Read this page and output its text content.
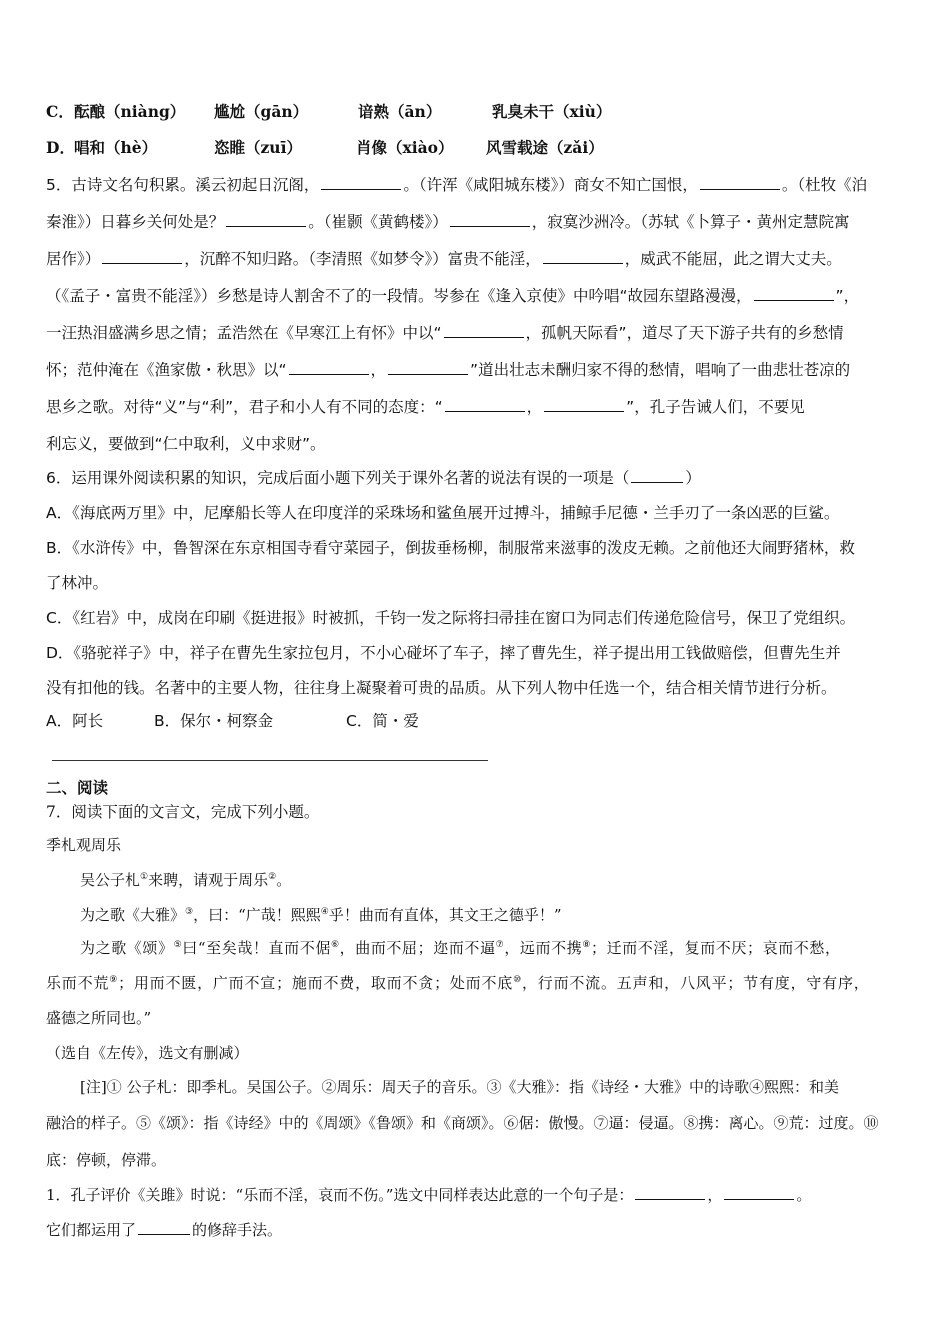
C． 酝酿（niàng） 尴尬（gān）	谙熟（ān）	乳臭未干（xiù）
D． 唱和（hè）	恣睢（zuī）	肖像（xiào） 风雪载途（zǎi）
5．古诗文名句积累。溪云初起日沉阁，	。（许浑《咸阳城东楼》）商女不知亡国恨，	。（杜牧《泊
秦淮》）日暮乡关何处是？	。（崔颢《黄鹤楼》）	，寂寞沙洲冷。（苏轼《卜算子・黄州定慧院寓
居作》）	，沉醉不知归路。（李清照《如梦令》）富贵不能淫，	，威武不能屈，此之谓大丈夫。
（《孟子・富贵不能淫》）乡愁是诗人割舍不了的一段情。岑参在《逢入京使》中吟唱“故园东望路漫漫，	”，
一汪热泪盛满乡思之情；孟浩然在《早寒江上有怀》中以“	，孤帆天际看”，道尽了天下游子共有的乡愁情
怀；范仲淹在《渔家傲・秋思》以“	，	”道出壮志未酬归家不得的愁情，唱响了一曲悲壮苍凉的
思乡之歌。对待“义”与“利”，君子和小人有不同的态度：“	，	”，孔子告诫人们，不要见
利忘义，要做到“仁中取利，义中求财”。
6．运用课外阅读积累的知识，完成后面小题下列关于课外名著的说法有误的一项是（	）
A．《海底两万里》中，尼摩船长等人在印度洋的采珠场和鲨鱼展开过搏斗，捕鲸手尼德・兰手刃了一条凶恶的巨鲨。
B．《水浒传》中，鲁智深在东京相国寺看守菜园子，倒拔垂杨柳，制服常来滋事的泼皮无赖。之前他还大闹野猪林，救
了林冲。
C．《红岩》中，成岗在印刷《挺进报》时被抓，千钧一发之际将扫帚挂在窗口为同志们传递危险信号，保卫了党组织。
D．《骆驼祥子》中，祥子在曹先生家拉包月，不小心碰坏了车子，摔了曹先生，祥子提出用工钱做赔偿，但曹先生并
没有扣他的钱。名著中的主要人物，往往身上凝聚着可贵的品质。从下列人物中任选一个，结合相关情节进行分析。
A．阿长	B．保尔・柯察金	C．简・爱
二、阅读
7．阅读下面的文言文，完成下列小题。
季札观周乐
吴公子札①来聘，请观于周乐②。
为之歌《大雅》③，曰：“广哉！熙熙④乎！曲而有直体，其文王之德乎！”
为之歌《颂》⑤曰“至矣哉！直而不倨⑥，曲而不屈；迩而不逼⑦，远而不携⑧；迁而不淫，复而不厌；哀而不愁，
乐而不荒⑨；用而不匮，广而不宣；施而不费，取而不贪；处而不底⑩，行而不流。五声和，八风平；节有度，守有序，
盛德之所同也。”
（选自《左传》，选文有删减）
[注]① 公子札：即季札。吴国公子。②周乐：周天子的音乐。③《大雅》：指《诗经・大雅》中的诗歌④熙熙：和美
融洽的样子。⑤《颂》：指《诗经》中的《周颂》《鲁颂》和《商颂》。⑥倨：傲慢。⑦逼：侵逼。⑧携：离心。⑨荒：过度。⑩
底：停顿，停滞。
1．孔子评价《关雎》时说：“乐而不淫，哀而不伤。”选文中同样表达此意的一个句子是：	，	。
它们都运用了	的修辞手法。
